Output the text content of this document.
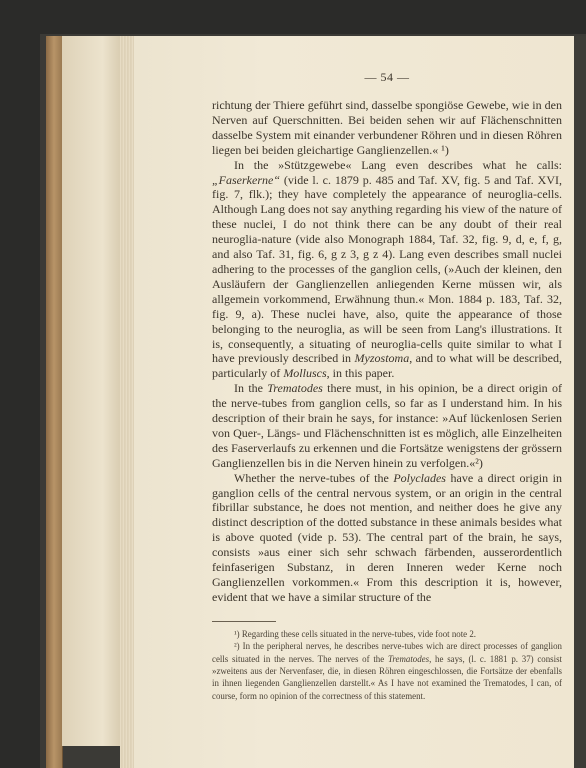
— 54 —

richtung der Thiere geführt sind, dasselbe spongiöse Gewebe, wie in den Nerven auf Querschnitten. Bei beiden sehen wir auf Flächenschnitten dasselbe System mit einander verbundener Röhren und in diesen Röhren liegen bei beiden gleichartige Ganglienzellen.« ¹)

In the »Stützgewebe« Lang even describes what he calls: „Faserkerne“ (vide l. c. 1879 p. 485 and Taf. XV, fig. 5 and Taf. XVI, fig. 7, flk.); they have completely the appearance of neuroglia-cells. Although Lang does not say anything regarding his view of the nature of these nuclei, I do not think there can be any doubt of their real neuroglia-nature (vide also Monograph 1884, Taf. 32, fig. 9, d, e, f, g, and also Taf. 31, fig. 6, g z 3, g z 4). Lang even describes small nuclei adhering to the processes of the ganglion cells, (»Auch der kleinen, den Ausläufern der Ganglienzellen anliegenden Kerne müssen wir, als allgemein vorkommend, Erwähnung thun.« Mon. 1884 p. 183, Taf. 32, fig. 9, a). These nuclei have, also, quite the appearance of those belonging to the neuroglia, as will be seen from Lang's illustrations. It is, consequently, a situating of neuroglia-cells quite similar to what I have previously described in Myzostoma, and to what will be described, particularly of Molluscs, in this paper.

In the Trematodes there must, in his opinion, be a direct origin of the nerve-tubes from ganglion cells, so far as I understand him. In his description of their brain he says, for instance: »Auf lückenlosen Serien von Quer-, Längs- und Flächenschnitten ist es möglich, alle Einzelheiten des Faserverlaufs zu erkennen und die Fortsätze wenigstens der grössern Ganglienzellen bis in die Nerven hinein zu verfolgen.«²)

Whether the nerve-tubes of the Polyclades have a direct origin in ganglion cells of the central nervous system, or an origin in the central fibrillar substance, he does not mention, and neither does he give any distinct description of the dotted substance in these animals besides what is above quoted (vide p. 53). The central part of the brain, he says, consists »aus einer sich sehr schwach färbenden, ausserordentlich feinfaserigen Substanz, in deren Inneren weder Kerne noch Ganglienzellen vorkommen.« From this description it is, however, evident that we have a similar structure of the

¹) Regarding these cells situated in the nerve-tubes, vide foot note 2.

²) In the peripheral nerves, he describes nerve-tubes wich are direct processes of ganglion cells situated in the nerves. The nerves of the Trematodes, he says, (l. c. 1881 p. 37) consist »zweitens aus der Nervenfaser, die, in diesen Röhren eingeschlossen, die Fortsätze der ebenfalls in ihnen liegenden Ganglienzellen darstellt.« As I have not examined the Trematodes, I can, of course, form no opinion of the correctness of this statement.
